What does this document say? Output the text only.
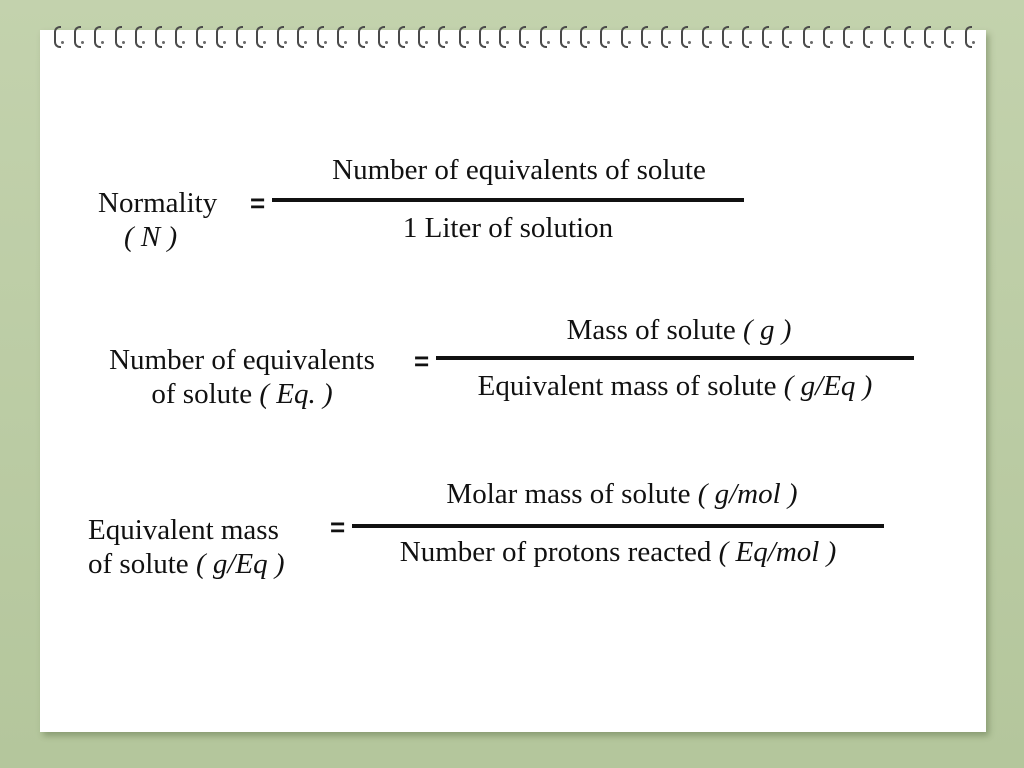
Normality
( N )
=
Number of equivalents of solute
1 Liter of solution
Number of equivalents
of solute ( Eq. )
=
Mass of solute ( g )
Equivalent mass of solute ( g/Eq )
Equivalent mass
of solute ( g/Eq )
=
Molar mass of solute ( g/mol )
Number of protons reacted ( Eq/mol )
